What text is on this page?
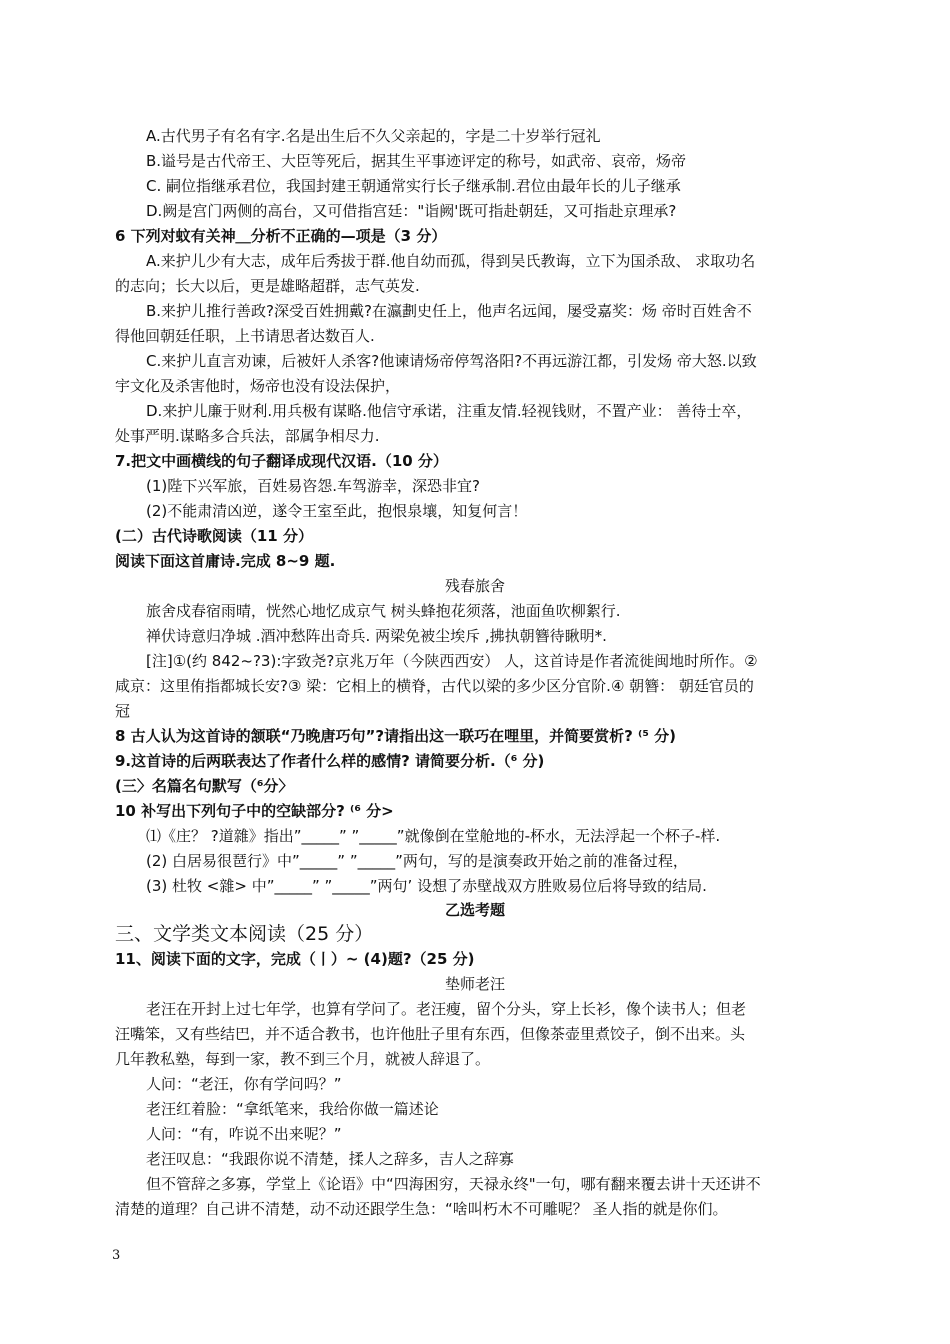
A.古代男子有名有字.名是出生后不久父亲起的，字是二十岁举行冠礼
B.谥号是古代帝王、大臣等死后，据其生平事迹评定的称号，如武帝、哀帝，炀帝
C. 嗣位指继承君位，我国封建王朝通常实行长子继承制.君位由最年长的儿子继承
D.阙是宫门两侧的高台，又可借指宫廷："诣阙'既可指赴朝廷，又可指赴京理承?
6 下列对蚊有关神＿分析不正确的—项是（3 分）
A.来护儿少有大志，成年后秀拔于群.他自幼而孤，得到吴氏教诲，立下为国杀敌、 求取功名
的志向；长大以后，更是雄略超群，志气英发.
B.来护儿推行善政?深受百姓拥戴?在瀛劃史任上，他声名远闻，屡受嘉奖：炀 帝时百姓舍不
得他回朝廷任职，上书请思者达数百人.
C.来护儿直言劝谏，后被奸人杀客?他谏请炀帝停驾洛阳?不再远游江都，引发炀 帝大怒.以致
宇文化及杀害他时，炀帝也没有设法保护，
D.来护儿廉于财利.用兵极有谋略.他信守承诺，注重友情.轻视钱财，不置产业： 善待士卒，
处事严明.谋略多合兵法，部属争相尽力.
7.把文中画横线的句子翻译成现代汉语.（10 分）
(1)陛下兴军旅，百姓易咨怨.车驾游幸，深恐非宜?
(2)不能肃清凶逆，遂令王室至此，抱恨泉壤，知复何言！
(二）古代诗歌阅读（11 分）
阅读下面这首庸诗.完成 8~9 题.
残春旅舍
旅舍戍春宿雨晴，恍然心地忆成京气 树头蜂抱花须落，池面鱼吹柳絮行.
禅伏诗意归净城 .酒冲愁阵出奇兵. 两梁免被尘埃斥 ,拂执朝簪待瞅明*.
[注]①(约 842~?3):字致尧?京兆万年（今陕西西安） 人，这首诗是作者流徙闽地时所作。②
咸京：这里侑指都城长安?③ 梁：它相上的横脊，古代以梁的多少区分官阶.④ 朝簪： 朝廷官员的
冠
8 古人认为这首诗的颔联“乃晚唐巧句”?请指出这一联巧在哩里，并简要赏析? ⁽⁵ 分)
9.这首诗的后两联表达了作者什么样的感情? 请简要分析.（⁶ 分)
(三〉名篇名句默写（⁶分〉
10 补写出下列句子中的空缺部分? ⁽⁶ 分>
⑴《庄？ ?道雜》指出”_____” ”_____”就像倒在堂舱地的-杯水，无法浮起一个杯子-样.
(2) 白居易很琶行》中”_____” ”_____”两句，写的是演奏政开始之前的准备过程，
(3) 杜牧 <雜> 中”_____” ”_____”两句’ 设想了赤壁战双方胜败易位后将导致的结局.
乙选考题
三、文学类文本阅读（25 分）
11、阅读下面的文字，完成（丨）~ (4)题?（25 分)
垫师老汪
老汪在开封上过七年学，也算有学问了。老汪瘦，留个分头，穿上长衫，像个读书人；但老
汪嘴笨，又有些结巴，并不适合教书，也许他肚子里有东西，但像茶壶里煮饺子，倒不出来。头
几年教私塾，每到一家，教不到三个月，就被人辞退了。
人问：“老汪，你有学问吗？”
老汪红着脸：“拿纸笔来，我给你做一篇述论
人问：“有，咋说不出来呢？”
老汪叹息：“我跟你说不清楚，揉人之辞多，吉人之辞寡
但不管辞之多寡，学堂上《论语》中“四海困穷，天禄永终"一句，哪有翻来覆去讲十天还讲不
清楚的道理？自己讲不清楚，动不动还跟学生急：“啥叫朽木不可雕呢？ 圣人指的就是你们。
3
